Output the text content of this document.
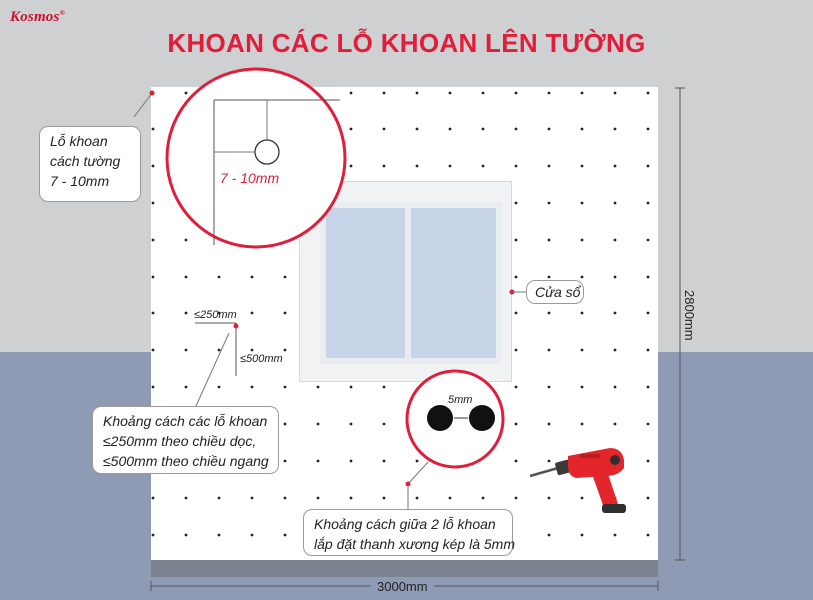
Kosmos®
KHOAN CÁC LỖ KHOAN LÊN TƯỜNG
7 - 10mm
5mm
≤250mm
≤500mm
Lỗ khoan
cách tường
7 - 10mm
Cửa sổ
Khoảng cách các lỗ khoan
≤250mm theo chiều dọc,
≤500mm theo chiều ngang
Khoảng cách giữa 2 lỗ khoan
lắp đặt thanh xương kép là 5mm
3000mm
2800mm
